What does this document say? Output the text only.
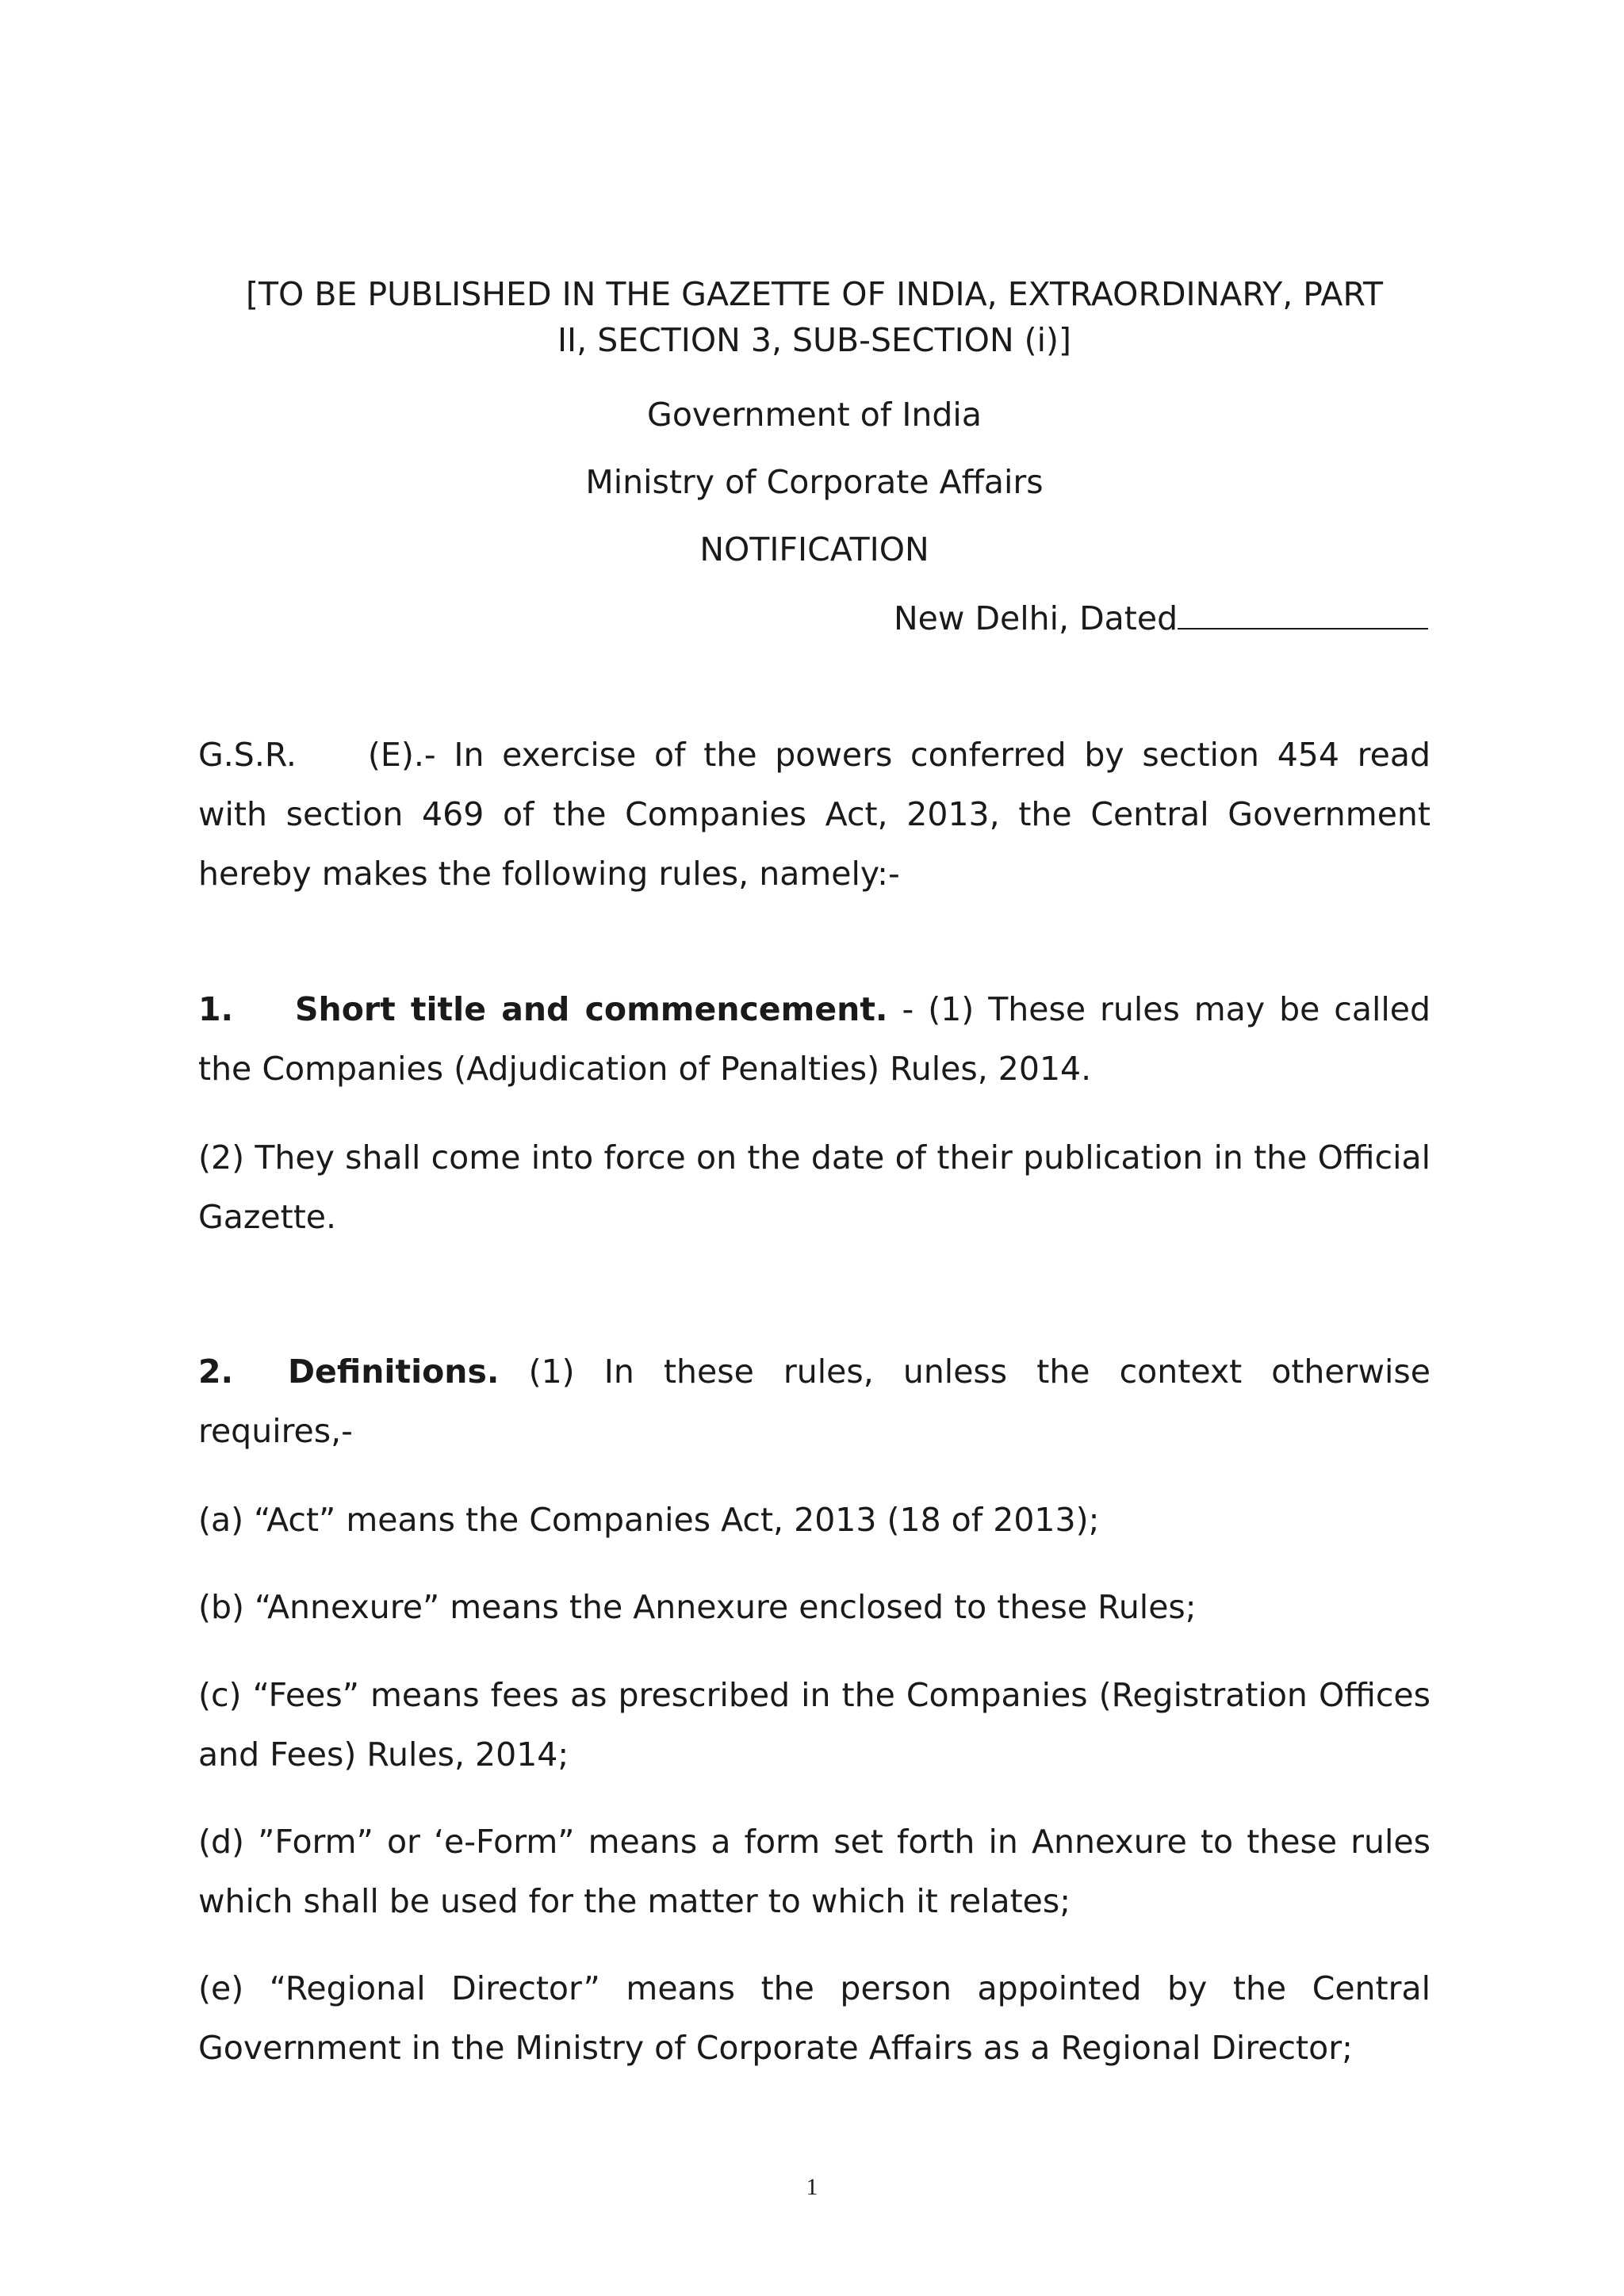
[TO BE PUBLISHED IN THE GAZETTE OF INDIA, EXTRAORDINARY, PART
II, SECTION 3, SUB-SECTION (i)]
Government of India
Ministry of Corporate Affairs
NOTIFICATION
New Delhi, Dated
G.S.R. (E).- In exercise of the powers conferred by section 454 read with section 469 of the Companies Act, 2013, the Central Government hereby makes the following rules, namely:-
1. Short title and commencement. - (1) These rules may be called the Companies (Adjudication of Penalties) Rules, 2014.
(2) They shall come into force on the date of their publication in the Official Gazette.
2. Definitions. (1) In these rules, unless the context otherwise requires,-
(a) “Act” means the Companies Act, 2013 (18 of 2013);
(b) “Annexure” means the Annexure enclosed to these Rules;
(c) “Fees” means fees as prescribed in the Companies (Registration Offices and Fees) Rules, 2014;
(d) ”Form” or ‘e-Form” means a form set forth in Annexure to these rules which shall be used for the matter to which it relates;
(e) “Regional Director” means the person appointed by the Central Government in the Ministry of Corporate Affairs as a Regional Director;
1
